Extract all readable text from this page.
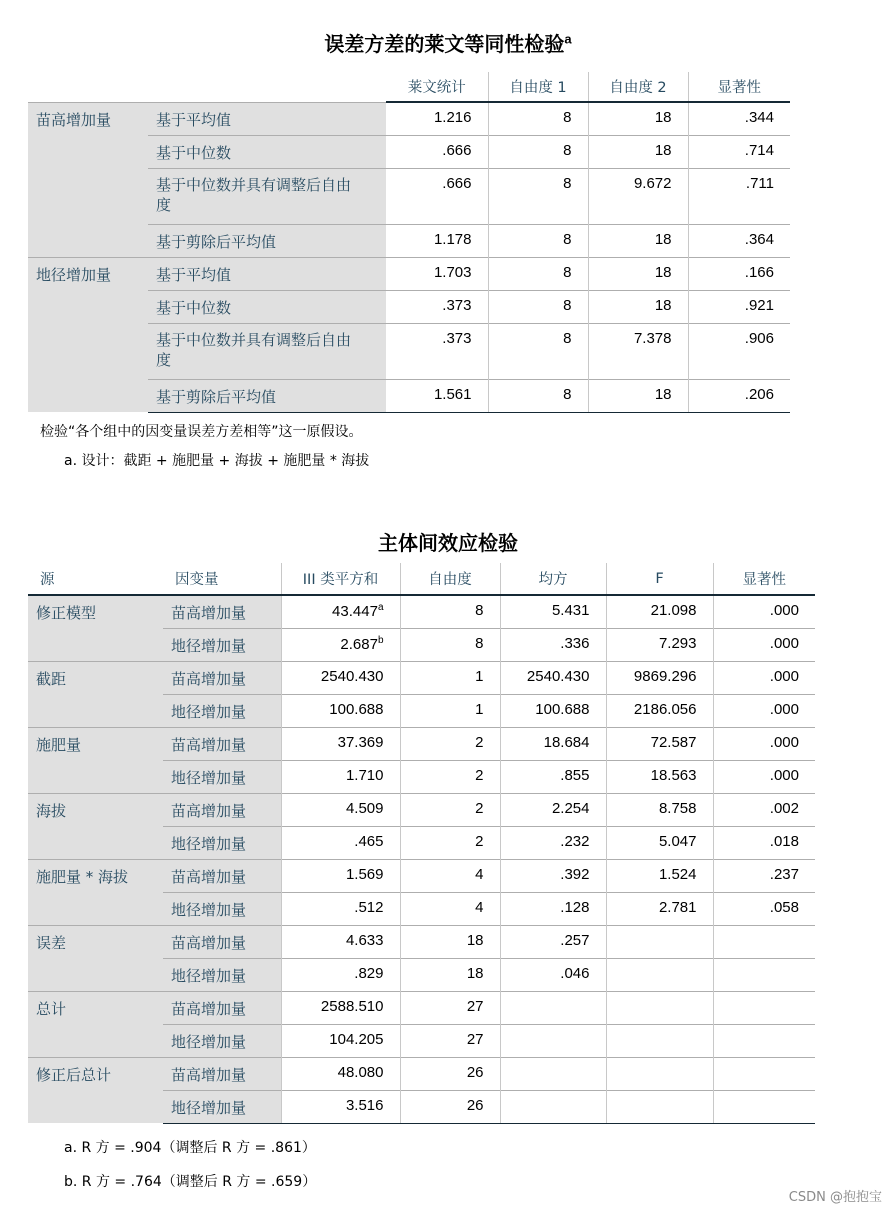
误差方差的莱文等同性检验$^a$
		莱文统计	自由度 1	自由度 2	显著性

苗高增加量	基于平均值	1.216	8	18	.344

	基于中位数	.666	8	18	.714

	基于中位数并具有调整后自由度	.666	8	9.672	.711

	基于剪除后平均值	1.178	8	18	.364

地径增加量	基于平均值	1.703	8	18	.166

	基于中位数	.373	8	18	.921

	基于中位数并具有调整后自由度	.373	8	7.378	.906

	基于剪除后平均值	1.561	8	18	.206
检验“各个组中的因变量误差方差相等”这一原假设。
a. 设计：截距 + 施肥量 + 海拔 + 施肥量 * 海拔
主体间效应检验
源	因变量	III 类平方和	自由度	均方	F	显著性

修正模型	苗高增加量	43.447$^a$	8	5.431	21.098	.000

	地径增加量	2.687$^b$	8	.336	7.293	.000

截距	苗高增加量	2540.430	1	2540.430	9869.296	.000

	地径增加量	100.688	1	100.688	2186.056	.000

施肥量	苗高增加量	37.369	2	18.684	72.587	.000

	地径增加量	1.710	2	.855	18.563	.000

海拔	苗高增加量	4.509	2	2.254	8.758	.002

	地径增加量	.465	2	.232	5.047	.018

施肥量 * 海拔	苗高增加量	1.569	4	.392	1.524	.237

	地径增加量	.512	4	.128	2.781	.058

误差	苗高增加量	4.633	18	.257		

	地径增加量	.829	18	.046		

总计	苗高增加量	2588.510	27			

	地径增加量	104.205	27			

修正后总计	苗高增加量	48.080	26			

	地径增加量	3.516	26			
a. R 方 = .904（调整后 R 方 = .861）
b. R 方 = .764（调整后 R 方 = .659）
CSDN @抱抱宝
